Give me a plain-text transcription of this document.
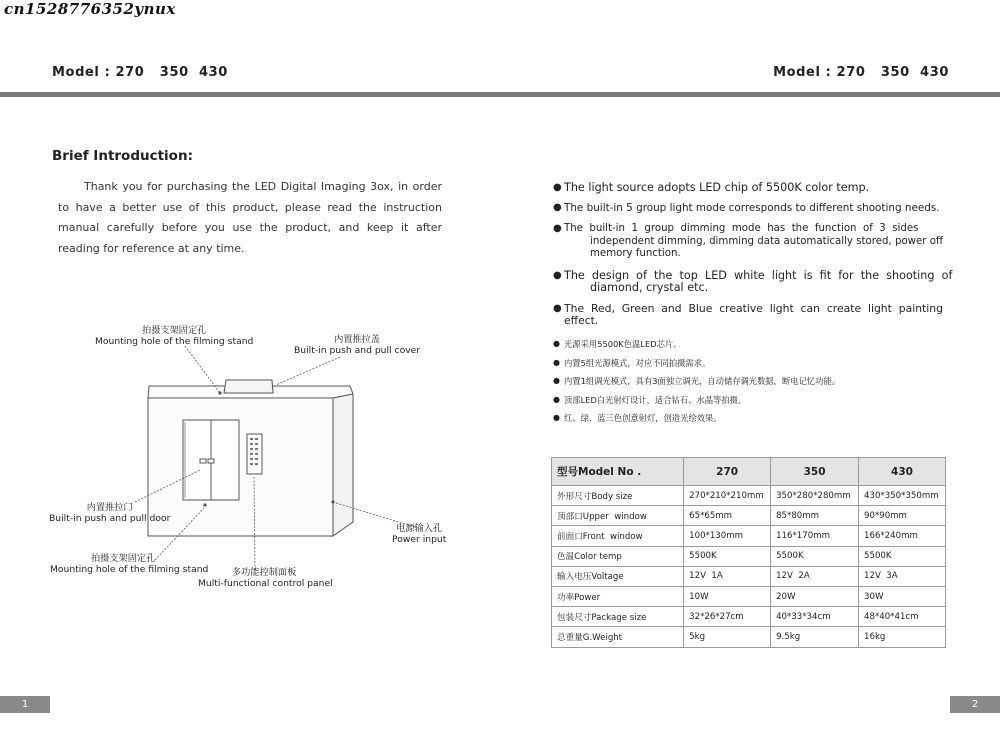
cn1528776352ynux
Model : 270   350  430	Model : 270   350  430
Brief Introduction:

Thank you for purchasing the LED Digital Imaging 3ox, in order to have a better use of this product, please read the instruction manual carefully before you use the product, and keep it after reading for reference at any time.

拍摄支架固定孔
Mounting hole of the filming stand	内置推拉盖
Built-in push and pull cover
内置推拉门
Built-in push and pull door
电源输入孔
Power input
拍摄支架固定孔
Mounting hole of the filming stand	多功能控制面板
Multi-functional control panel
● The light source adopts LED chip of 5500K color temp.
● The built-in 5 group light mode corresponds to different shooting needs.
● The  built-in  1  group  dimming  mode  has  the  function  of  3  sides
independent dimming, dimming data automatically stored, power off memory function.
● The  design  of  the  top  LED  white  light  is  fit  for  the  shooting  of
diamond, crystal etc.
● The Red, Green and Blue creative light can create light painting effect.
● 光源采用5500K色温LED芯片。
● 内置5组光源模式，对应不同拍摄需求。
● 内置1组调光模式，具有3面独立调光，自动储存调光数据，断电记忆功能。
● 顶部LED白光射灯设计，适合钻石、水晶等拍摄。
● 红、绿、蓝三色创意射灯，创造光绘效果。
型号Model No .	270	350	430
外形尺寸Body size	270*210*210mm	350*280*280mm	430*350*350mm
顶部口Upper  window	65*65mm	85*80mm	90*90mm
前面口Front  window	100*130mm	116*170mm	166*240mm
色温Color temp	5500K	5500K	5500K
输入电压Voltage	12V  1A	12V  2A	12V  3A
功率Power	10W	20W	30W
包装尺寸Package size	32*26*27cm	40*33*34cm	48*40*41cm
总重量G.Weight	5kg	9.5kg	16kg
1	2
